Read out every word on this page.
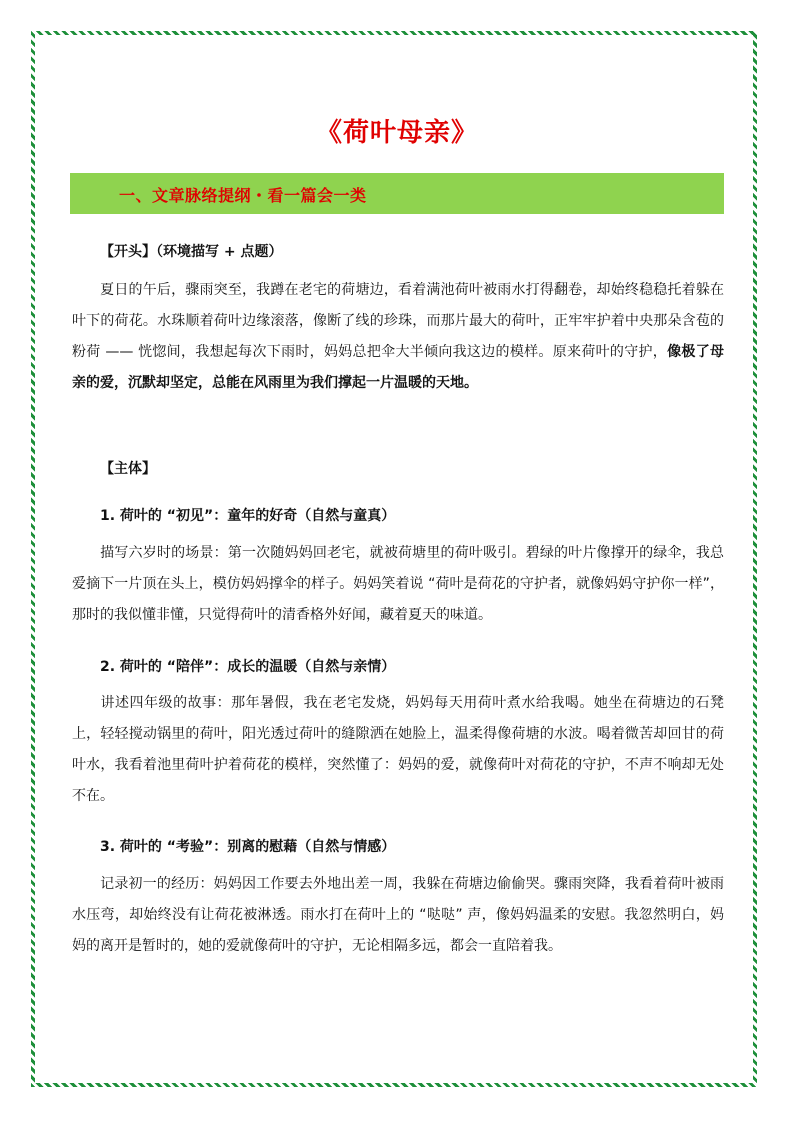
《荷叶母亲》
一、文章脉络提纲・看一篇会一类
【开头】（环境描写 + 点题）

夏日的午后，骤雨突至，我蹲在老宅的荷塘边，看着满池荷叶被雨水打得翻卷，却始终稳稳托着躲在叶下的荷花。水珠顺着荷叶边缘滚落，像断了线的珍珠，而那片最大的荷叶，正牢牢护着中央那朵含苞的粉荷 —— 恍惚间，我想起每次下雨时，妈妈总把伞大半倾向我这边的模样。原来荷叶的守护，像极了母亲的爱，沉默却坚定，总能在风雨里为我们撑起一片温暖的天地。

【主体】
1. 荷叶的 “初见”：童年的好奇（自然与童真）

描写六岁时的场景：第一次随妈妈回老宅，就被荷塘里的荷叶吸引。碧绿的叶片像撑开的绿伞，我总爱摘下一片顶在头上，模仿妈妈撑伞的样子。妈妈笑着说 “荷叶是荷花的守护者，就像妈妈守护你一样”，那时的我似懂非懂，只觉得荷叶的清香格外好闻，藏着夏天的味道。

2. 荷叶的 “陪伴”：成长的温暖（自然与亲情）

讲述四年级的故事：那年暑假，我在老宅发烧，妈妈每天用荷叶煮水给我喝。她坐在荷塘边的石凳上，轻轻搅动锅里的荷叶，阳光透过荷叶的缝隙洒在她脸上，温柔得像荷塘的水波。喝着微苦却回甘的荷叶水，我看着池里荷叶护着荷花的模样，突然懂了：妈妈的爱，就像荷叶对荷花的守护，不声不响却无处不在。

3. 荷叶的 “考验”：别离的慰藉（自然与情感）

记录初一的经历：妈妈因工作要去外地出差一周，我躲在荷塘边偷偷哭。骤雨突降，我看着荷叶被雨水压弯，却始终没有让荷花被淋透。雨水打在荷叶上的 “哒哒” 声，像妈妈温柔的安慰。我忽然明白，妈妈的离开是暂时的，她的爱就像荷叶的守护，无论相隔多远，都会一直陪着我。
